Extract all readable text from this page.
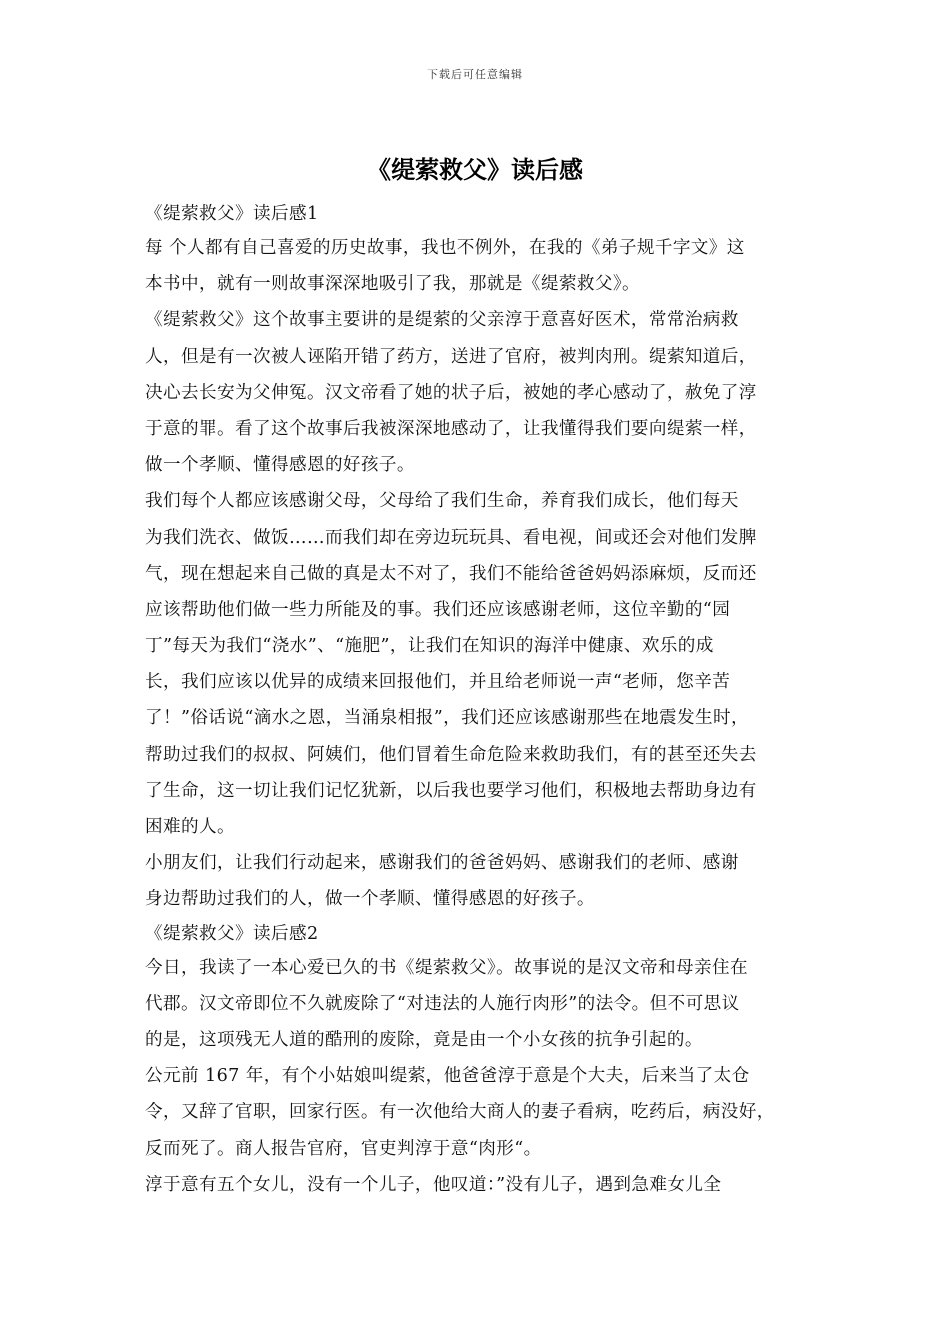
下载后可任意编辑
《缇萦救父》读后感
《缇萦救父》读后感1
每 个人都有自己喜爱的历史故事，我也不例外，在我的《弟子规千字文》这
本书中，就有一则故事深深地吸引了我，那就是《缇萦救父》。
《缇萦救父》这个故事主要讲的是缇萦的父亲淳于意喜好医术，常常治病救
人，但是有一次被人诬陷开错了药方，送进了官府，被判肉刑。缇萦知道后，
决心去长安为父伸冤。汉文帝看了她的状子后，被她的孝心感动了，赦免了淳
于意的罪。看了这个故事后我被深深地感动了，让我懂得我们要向缇萦一样，
做一个孝顺、懂得感恩的好孩子。
我们每个人都应该感谢父母，父母给了我们生命，养育我们成长，他们每天
为我们洗衣、做饭……而我们却在旁边玩玩具、看电视，间或还会对他们发脾
气，现在想起来自己做的真是太不对了，我们不能给爸爸妈妈添麻烦，反而还
应该帮助他们做一些力所能及的事。我们还应该感谢老师，这位辛勤的“园
丁”每天为我们“浇水”、“施肥”，让我们在知识的海洋中健康、欢乐的成
长，我们应该以优异的成绩来回报他们，并且给老师说一声“老师，您辛苦
了！”俗话说“滴水之恩，当涌泉相报”，我们还应该感谢那些在地震发生时，
帮助过我们的叔叔、阿姨们，他们冒着生命危险来救助我们，有的甚至还失去
了生命，这一切让我们记忆犹新，以后我也要学习他们，积极地去帮助身边有
困难的人。
小朋友们，让我们行动起来，感谢我们的爸爸妈妈、感谢我们的老师、感谢
身边帮助过我们的人，做一个孝顺、懂得感恩的好孩子。
《缇萦救父》读后感2
今日，我读了一本心爱已久的书《缇萦救父》。故事说的是汉文帝和母亲住在
代郡。汉文帝即位不久就废除了“对违法的人施行肉形”的法令。但不可思议
的是，这项残无人道的酷刑的废除，竟是由一个小女孩的抗争引起的。
公元前 167 年，有个小姑娘叫缇萦，他爸爸淳于意是个大夫，后来当了太仓
令，又辞了官职，回家行医。有一次他给大商人的妻子看病，吃药后，病没好，
反而死了。商人报告官府，官吏判淳于意“肉形“。
淳于意有五个女儿，没有一个儿子，他叹道：”没有儿子，遇到急难女儿全
